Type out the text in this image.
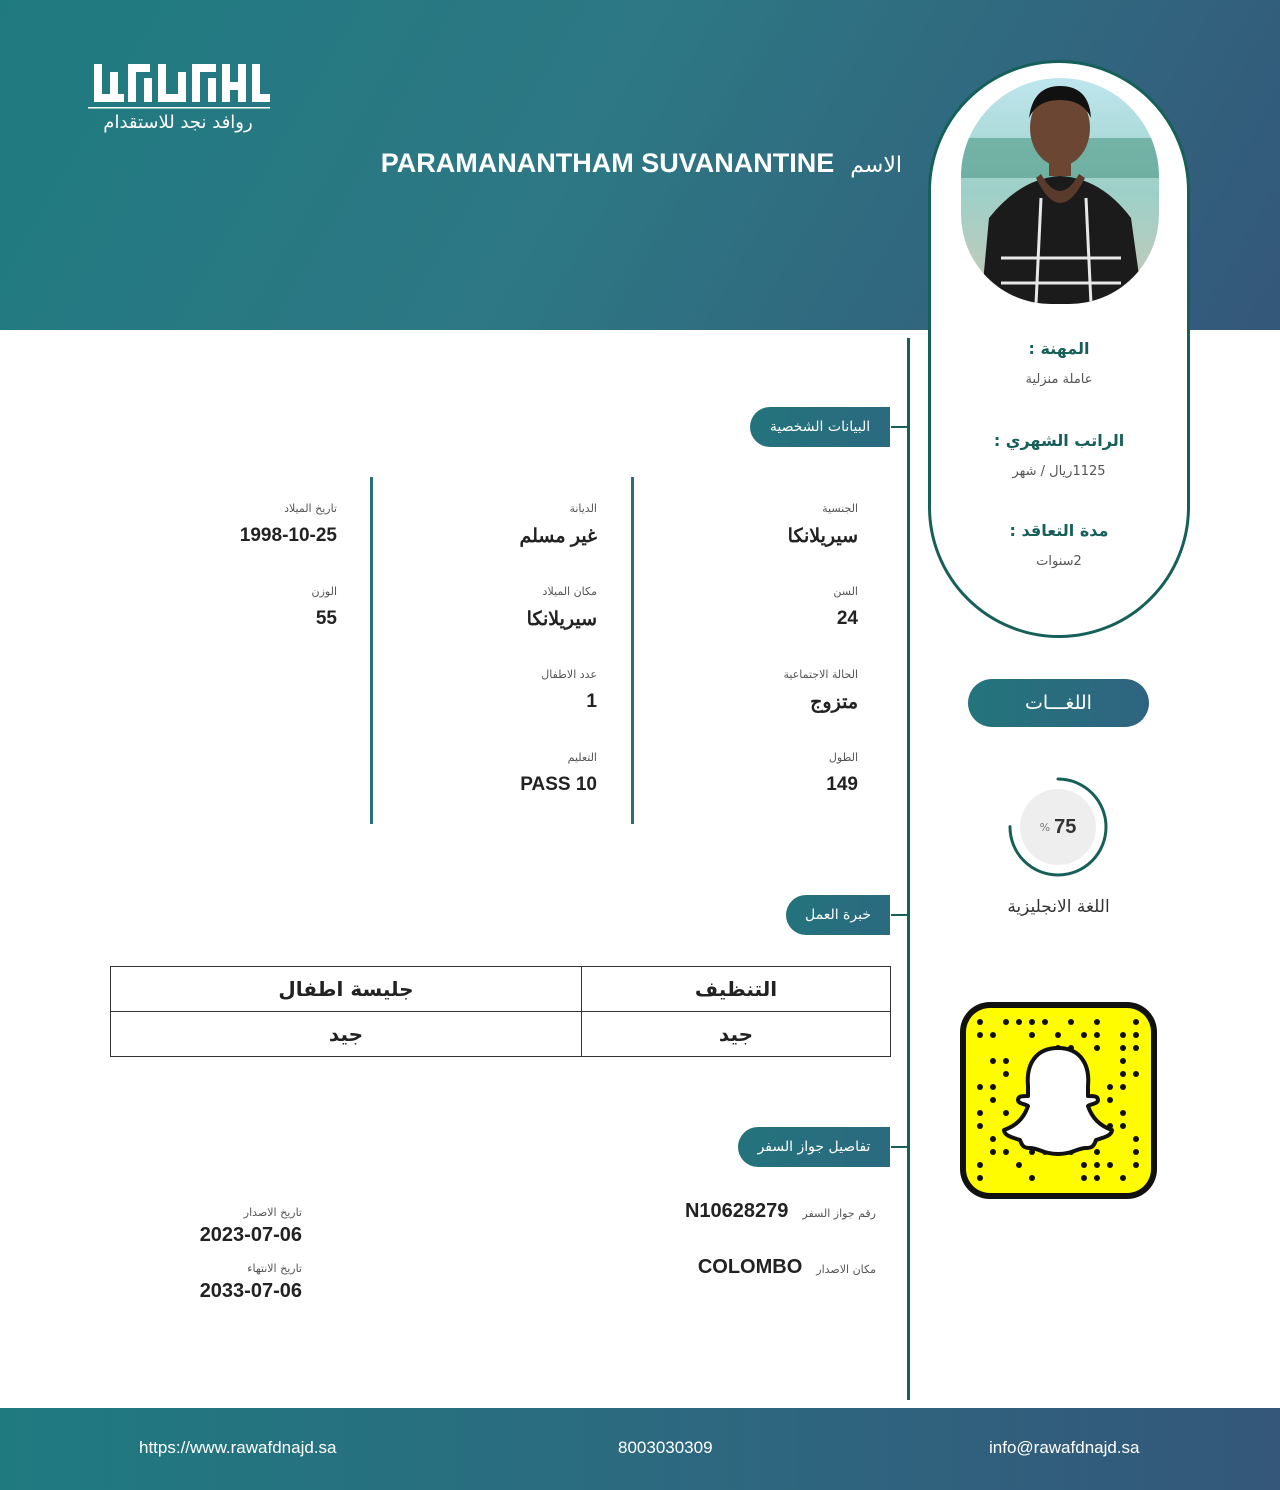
روافد نجد للاستقدام
الاسم
PARAMANANTHAM SUVANANTINE
المهنة :
عاملة منزلية
الراتب الشهري :
1125ريال / شهر
مدة التعاقد :
2سنوات
البيانات الشخصية
الجنسية
سيريلانكا
السن
24
الحالة الاجتماعية
متزوج
الطول
149
الديانة
غير مسلم
مكان الميلاد
سيريلانكا
عدد الاطفال
1
التعليم
PASS 10
تاريخ الميلاد
1998-10-25
الوزن
55
اللغـــات
75
%
اللغة الانجليزية
خبرة العمل
التنظيف	جليسة اطفال
جيد	جيد
تفاصيل جواز السفر
رقم جواز السفر
N10628279
مكان الاصدار
COLOMBO
تاريخ الاصدار
2023-07-06
تاريخ الانتهاء
2033-07-06
https://www.rawafdnajd.sa	8003030309	info@rawafdnajd.sa
